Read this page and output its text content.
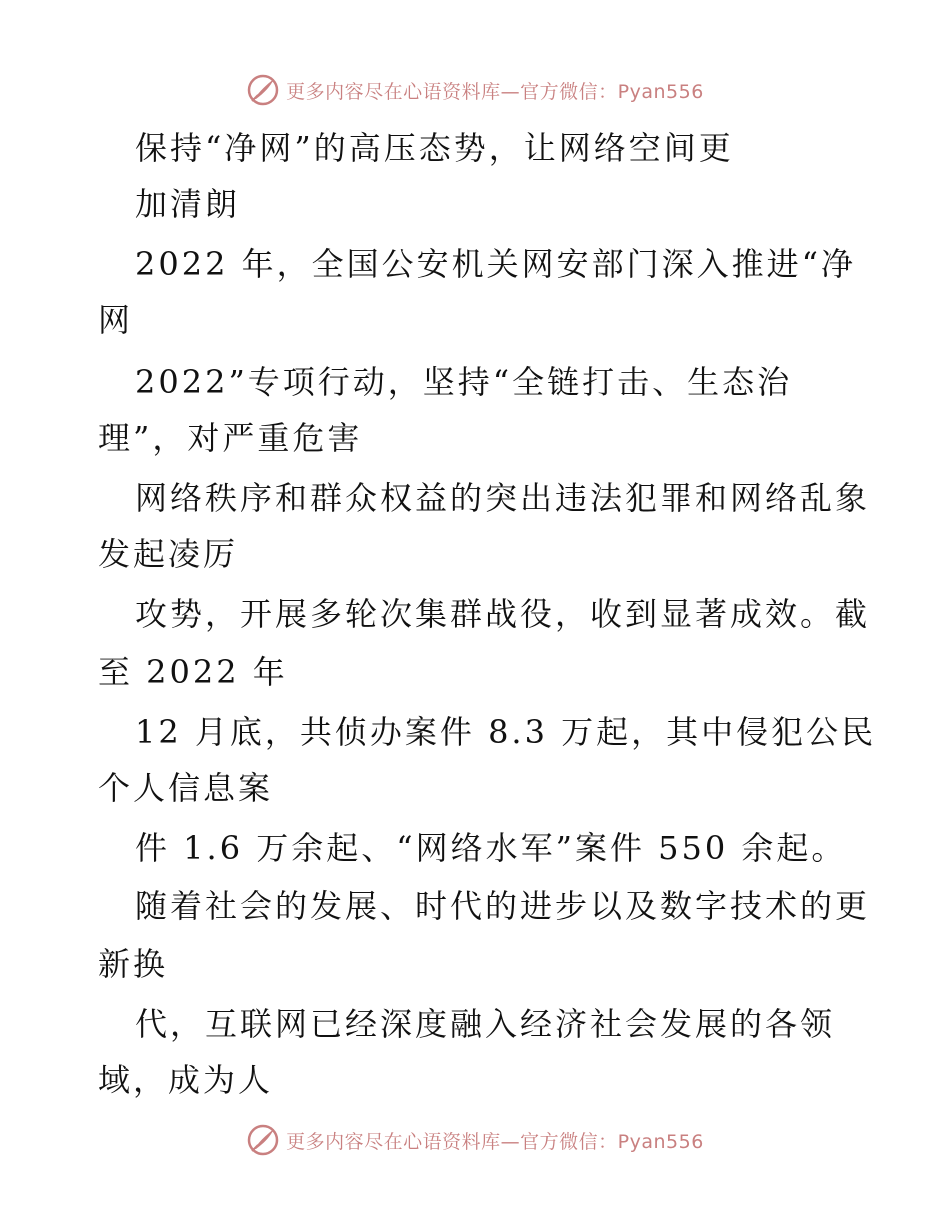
更多内容尽在心语资料库—官方微信：Pyan556
保持“净网”的高压态势，让网络空间更
加清朗
2022 年，全国公安机关网安部门深入推进“净
网
2022”专项行动，坚持“全链打击、生态治
理”，对严重危害
网络秩序和群众权益的突出违法犯罪和网络乱象
发起凌厉
攻势，开展多轮次集群战役，收到显著成效。截
至 2022 年
12 月底，共侦办案件 8.3 万起，其中侵犯公民
个人信息案
件 1.6 万余起、“网络水军”案件 550 余起。
随着社会的发展、时代的进步以及数字技术的更
新换
代，互联网已经深度融入经济社会发展的各领
域，成为人
更多内容尽在心语资料库—官方微信：Pyan556
